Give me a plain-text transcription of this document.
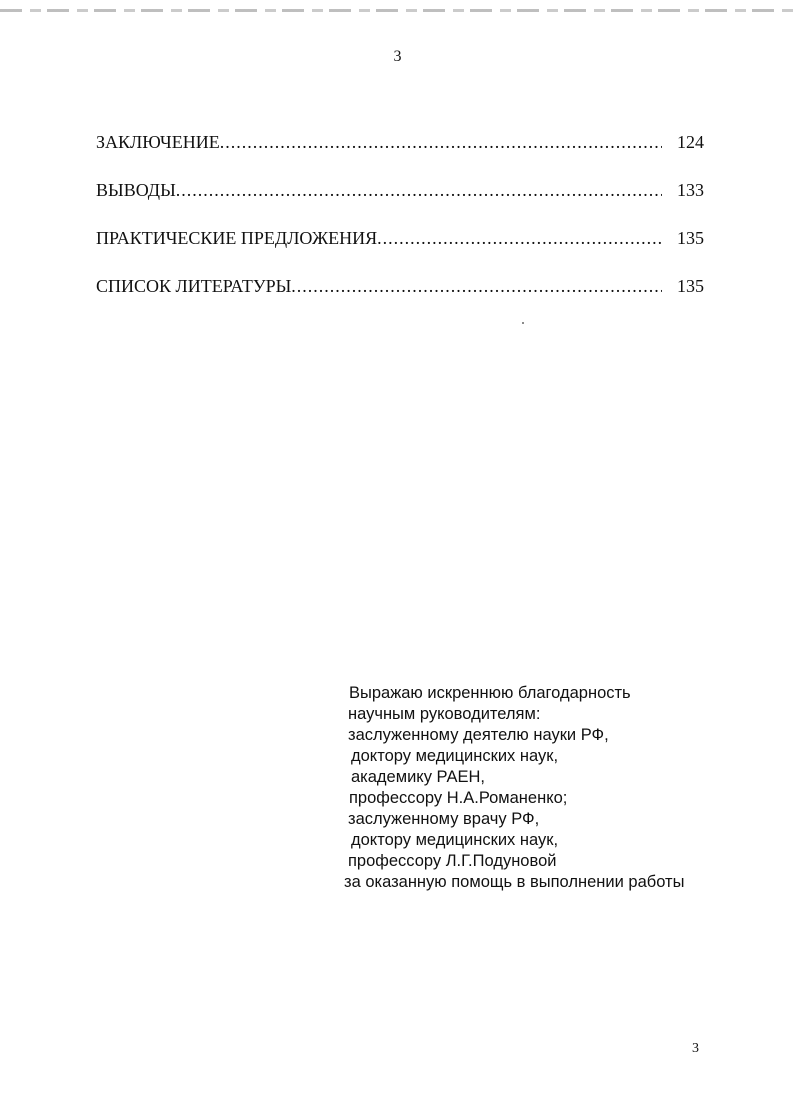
3
ЗАКЛЮЧЕНИЕ .....	124
ВЫВОДЫ .....	133
ПРАКТИЧЕСКИЕ ПРЕДЛОЖЕНИЯ .....	135
СПИСОК ЛИТЕРАТУРЫ .....	135
Выражаю искреннюю благодарность
научным руководителям:
заслуженному деятелю науки РФ,
доктору медицинских наук,
академику РАЕН,
профессору Н.А.Романенко;
заслуженному врачу РФ,
доктору медицинских наук,
профессору Л.Г.Подуновой
за оказанную помощь в выполнении работы
3
